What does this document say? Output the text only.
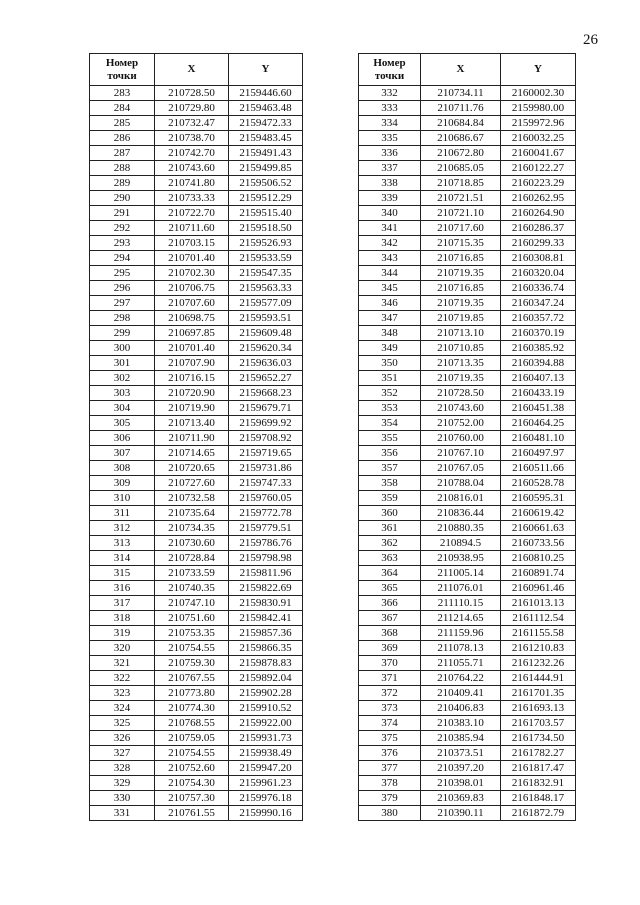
26
Номер
точки	X	Y
283	210728.50	2159446.60
284	210729.80	2159463.48
285	210732.47	2159472.33
286	210738.70	2159483.45
287	210742.70	2159491.43
288	210743.60	2159499.85
289	210741.80	2159506.52
290	210733.33	2159512.29
291	210722.70	2159515.40
292	210711.60	2159518.50
293	210703.15	2159526.93
294	210701.40	2159533.59
295	210702.30	2159547.35
296	210706.75	2159563.33
297	210707.60	2159577.09
298	210698.75	2159593.51
299	210697.85	2159609.48
300	210701.40	2159620.34
301	210707.90	2159636.03
302	210716.15	2159652.27
303	210720.90	2159668.23
304	210719.90	2159679.71
305	210713.40	2159699.92
306	210711.90	2159708.92
307	210714.65	2159719.65
308	210720.65	2159731.86
309	210727.60	2159747.33
310	210732.58	2159760.05
311	210735.64	2159772.78
312	210734.35	2159779.51
313	210730.60	2159786.76
314	210728.84	2159798.98
315	210733.59	2159811.96
316	210740.35	2159822.69
317	210747.10	2159830.91
318	210751.60	2159842.41
319	210753.35	2159857.36
320	210754.55	2159866.35
321	210759.30	2159878.83
322	210767.55	2159892.04
323	210773.80	2159902.28
324	210774.30	2159910.52
325	210768.55	2159922.00
326	210759.05	2159931.73
327	210754.55	2159938.49
328	210752.60	2159947.20
329	210754.30	2159961.23
330	210757.30	2159976.18
331	210761.55	2159990.16
Номер
точки	X	Y
332	210734.11	2160002.30
333	210711.76	2159980.00
334	210684.84	2159972.96
335	210686.67	2160032.25
336	210672.80	2160041.67
337	210685.05	2160122.27
338	210718.85	2160223.29
339	210721.51	2160262.95
340	210721.10	2160264.90
341	210717.60	2160286.37
342	210715.35	2160299.33
343	210716.85	2160308.81
344	210719.35	2160320.04
345	210716.85	2160336.74
346	210719.35	2160347.24
347	210719.85	2160357.72
348	210713.10	2160370.19
349	210710.85	2160385.92
350	210713.35	2160394.88
351	210719.35	2160407.13
352	210728.50	2160433.19
353	210743.60	2160451.38
354	210752.00	2160464.25
355	210760.00	2160481.10
356	210767.10	2160497.97
357	210767.05	2160511.66
358	210788.04	2160528.78
359	210816.01	2160595.31
360	210836.44	2160619.42
361	210880.35	2160661.63
362	210894.5	2160733.56
363	210938.95	2160810.25
364	211005.14	2160891.74
365	211076.01	2160961.46
366	211110.15	2161013.13
367	211214.65	2161112.54
368	211159.96	2161155.58
369	211078.13	2161210.83
370	211055.71	2161232.26
371	210764.22	2161444.91
372	210409.41	2161701.35
373	210406.83	2161693.13
374	210383.10	2161703.57
375	210385.94	2161734.50
376	210373.51	2161782.27
377	210397.20	2161817.47
378	210398.01	2161832.91
379	210369.83	2161848.17
380	210390.11	2161872.79
